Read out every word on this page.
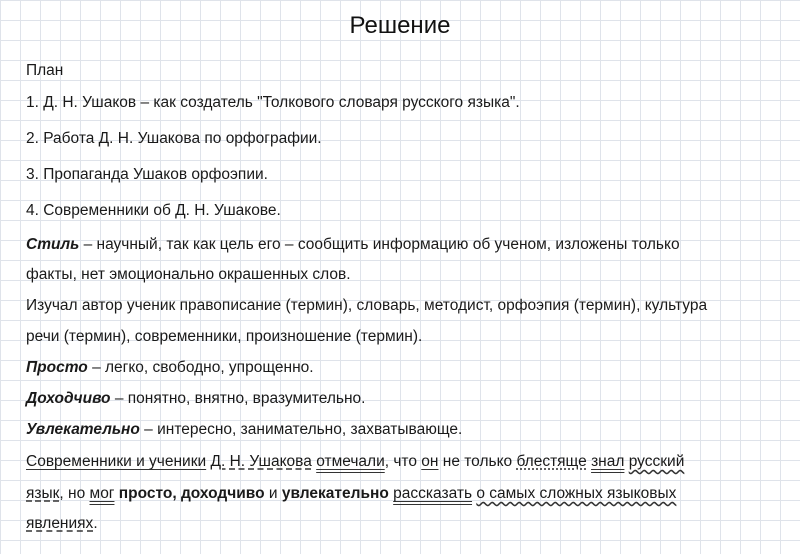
Решение
План
1. Д. Н. Ушаков – как создатель "Толкового словаря русского языка".
2. Работа Д. Н. Ушакова по орфографии.
3. Пропаганда Ушаков орфоэпии.
4. Современники об Д. Н. Ушакове.
Стиль – научный, так как цель его – сообщить информацию об ученом, изложены только
факты, нет эмоционально окрашенных слов.
Изучал автор ученик правописание (термин), словарь, методист, орфоэпия (термин), культура
речи (термин), современники, произношение (термин).
Просто – легко, свободно, упрощенно.
Доходчиво – понятно, внятно, вразумительно.
Увлекательно – интересно, занимательно, захватывающе.
Современники и ученики Д. Н. Ушакова отмечали, что он не только блестяще знал русский
язык, но мог просто, доходчиво и увлекательно рассказать о самых сложных языковых
явлениях.
